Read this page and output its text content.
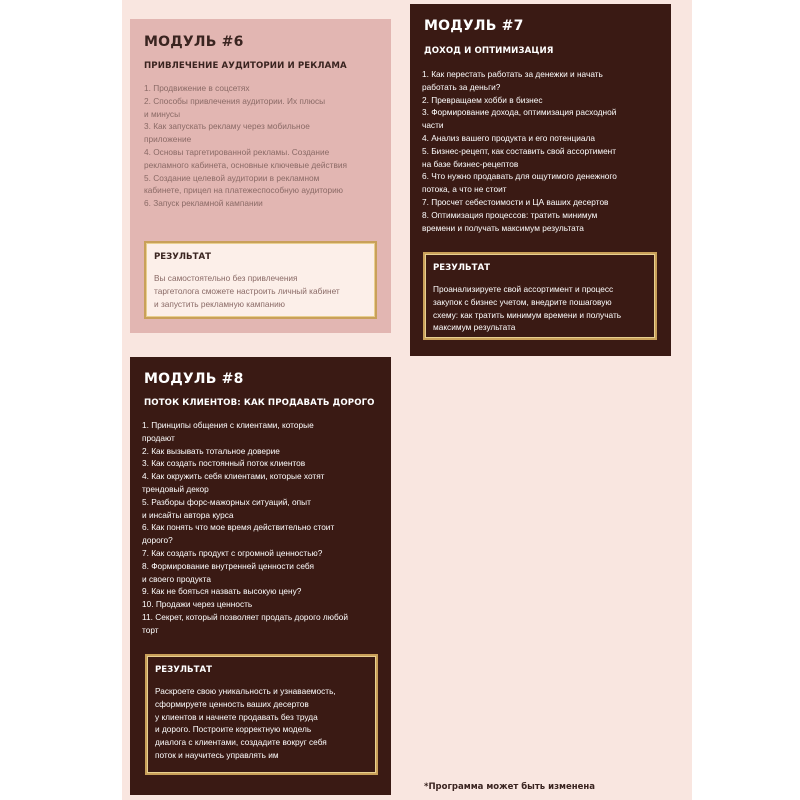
МОДУЛЬ #6
ПРИВЛЕЧЕНИЕ АУДИТОРИИ И РЕКЛАМА
1. Продвижение в соцсетях
2. Способы привлечения аудитории. Их плюсы
и минусы
3. Как запускать рекламу через мобильное
приложение
4. Основы таргетированной рекламы. Создание
рекламного кабинета, основные ключевые действия
5. Создание целевой аудитории в рекламном
кабинете, прицел на платежеспособную аудиторию
6. Запуск рекламной кампании

РЕЗУЛЬТАТ

Вы самостоятельно без привлечения
таргетолога сможете настроить личный кабинет
и запустить рекламную кампанию

МОДУЛЬ #7
ДОХОД И ОПТИМИЗАЦИЯ
1. Как перестать работать за денежки и начать
работать за деньги?
2. Превращаем хобби в бизнес
3. Формирование дохода, оптимизация расходной
части
4. Анализ вашего продукта и его потенциала
5. Бизнес-рецепт, как составить свой ассортимент
на базе бизнес-рецептов
6. Что нужно продавать для ощутимого денежного
потока, а что не стоит
7. Просчет себестоимости и ЦА ваших десертов
8. Оптимизация процессов: тратить минимум
времени и получать максимум результата

РЕЗУЛЬТАТ

Проанализируете свой ассортимент и процесс
закупок с бизнес учетом, внедрите пошаговую
схему: как тратить минимум времени и получать
максимум результата

МОДУЛЬ #8
ПОТОК КЛИЕНТОВ: КАК ПРОДАВАТЬ ДОРОГО
1. Принципы общения с клиентами, которые
продают
2. Как вызывать тотальное доверие
3. Как создать постоянный поток клиентов
4. Как окружить себя клиентами, которые хотят
трендовый декор
5. Разборы форс-мажорных ситуаций, опыт
и инсайты автора курса
6. Как понять что мое время действительно стоит
дорого?
7. Как создать продукт с огромной ценностью?
8. Формирование внутренней ценности себя
и своего продукта
9. Как не бояться назвать высокую цену?
10. Продажи через ценность
11. Секрет, который позволяет продать дорого любой
торт

РЕЗУЛЬТАТ

Раскроете свою уникальность и узнаваемость,
сформируете ценность ваших десертов
у клиентов и начнете продавать без труда
и дорого. Построите корректную модель
диалога с клиентами, создадите вокруг себя
поток и научитесь управлять им

*Программа может быть изменена
